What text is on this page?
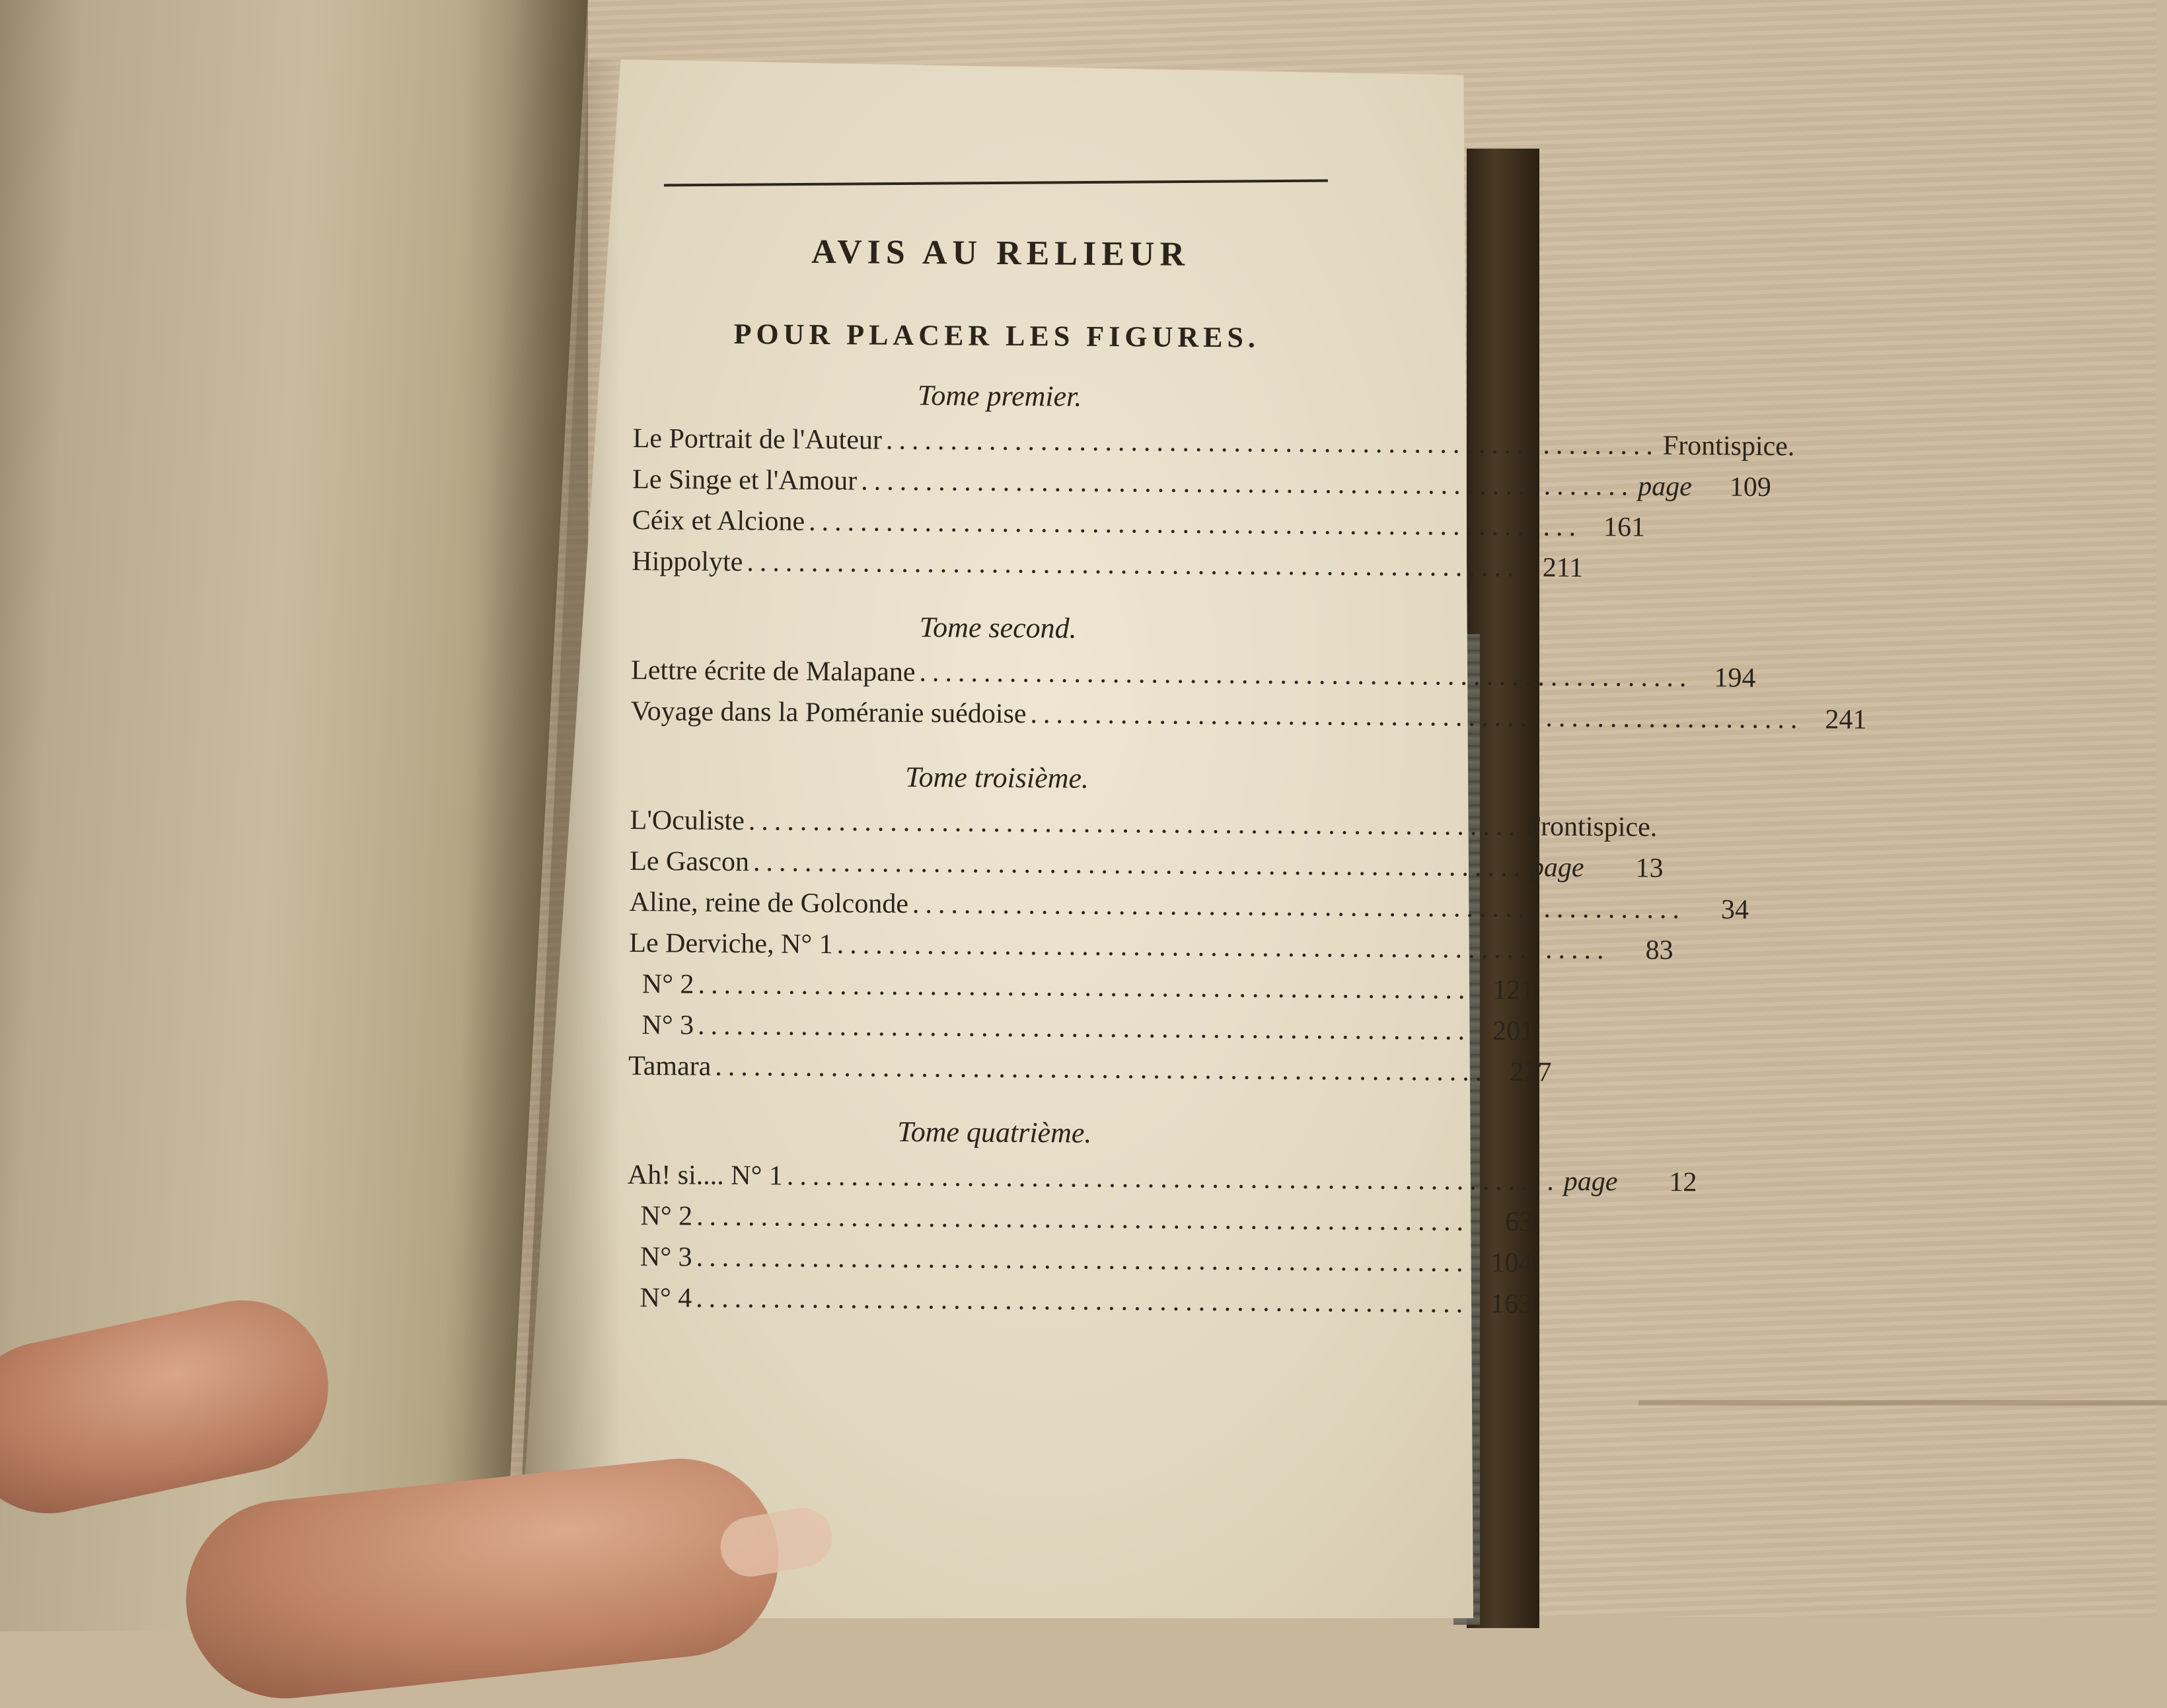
AVIS AU RELIEUR
POUR PLACER LES FIGURES.
Tome premier.
Le Portrait de l'Auteur ............................................................ Frontispice.
Le Singe et l'Amour ............................................................ page	109
Céix et Alcione ............................................................ 161
Hippolyte ............................................................ 211
Tome second.
Lettre écrite de Malapane ............................................................ 194
Voyage dans la Poméranie suédoise ............................................................ 241
Tome troisième.
L'Oculiste ............................................................ Frontispice.
Le Gascon ............................................................ page	13
Aline, reine de Golconde ............................................................	34
Le Derviche, N° 1 ............................................................	83
N° 2 ............................................................ 121
N° 3 ............................................................ 201
Tamara ............................................................ 227
Tome quatrième.
Ah! si.... N° 1 ............................................................ page	12
N° 2 ............................................................	63
N° 3 ............................................................ 104
N° 4 ............................................................ 163
